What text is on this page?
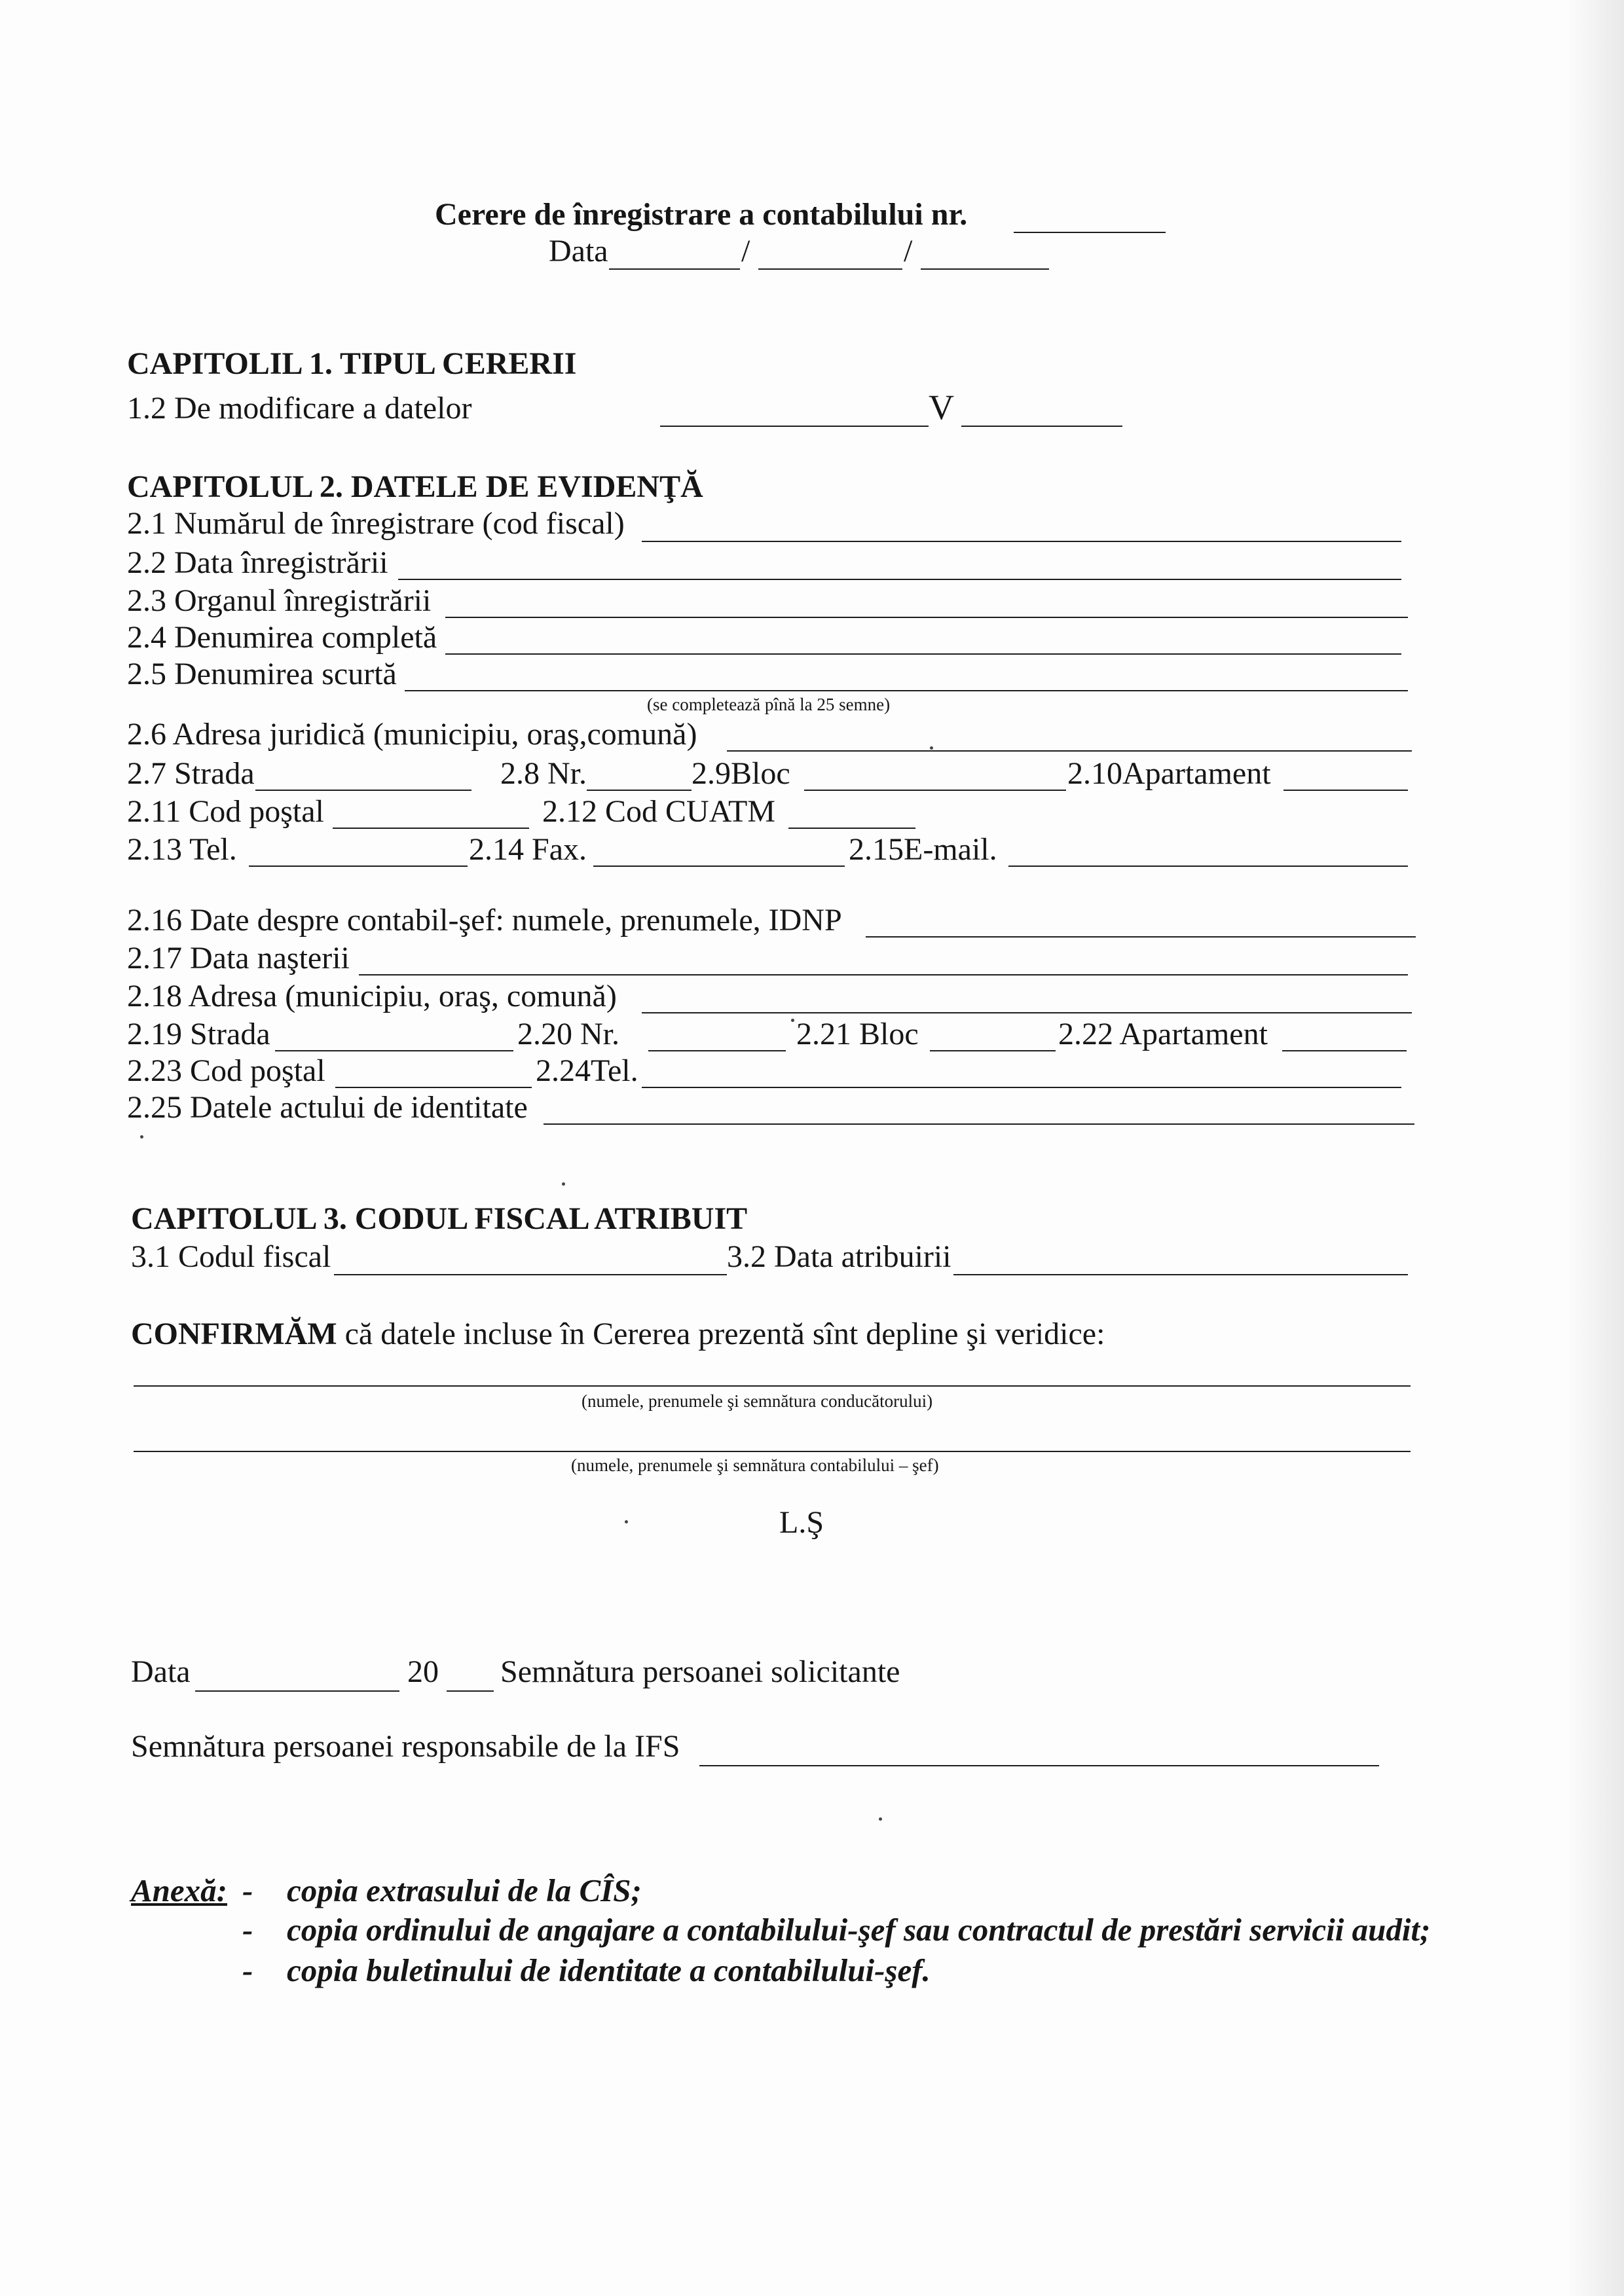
Cerere de înregistrare a contabilului nr.
Data	/	/
CAPITOLIL 1. TIPUL CERERII
1.2 De modificare a datelor	V
CAPITOLUL 2. DATELE DE EVIDENŢĂ
2.1 Numărul de înregistrare (cod fiscal)
2.2 Data înregistrării
2.3 Organul înregistrării
2.4 Denumirea completă
2.5 Denumirea scurtă
(se completează pînă la 25 semne)
2.6 Adresa juridică (municipiu, oraş,comună)
2.7 Strada	2.8 Nr.	2.9Bloc	2.10Apartament
2.11 Cod poştal	2.12 Cod CUATM
2.13 Tel.	2.14 Fax.	2.15E-mail.
2.16 Date despre contabil-şef: numele, prenumele, IDNP
2.17 Data naşterii
2.18 Adresa (municipiu, oraş, comună)
2.19 Strada	2.20 Nr.	2.21 Bloc	2.22 Apartament
2.23 Cod poştal	2.24Tel.
2.25 Datele actului de identitate
CAPITOLUL 3. CODUL FISCAL ATRIBUIT
3.1 Codul fiscal	3.2 Data atribuirii
CONFIRMĂM că datele incluse în Cererea prezentă sînt depline şi veridice:
(numele, prenumele şi semnătura conducătorului)
(numele, prenumele şi semnătura contabilului – şef)
L.Ş
Data	20 Semnătura persoanei solicitante
Semnătura persoanei responsabile de la IFS
Anexă: - copia extrasului de la CÎS;
- copia ordinului de angajare a contabilului-şef sau contractul de prestări servicii audit;
- copia buletinului de identitate a contabilului-şef.
